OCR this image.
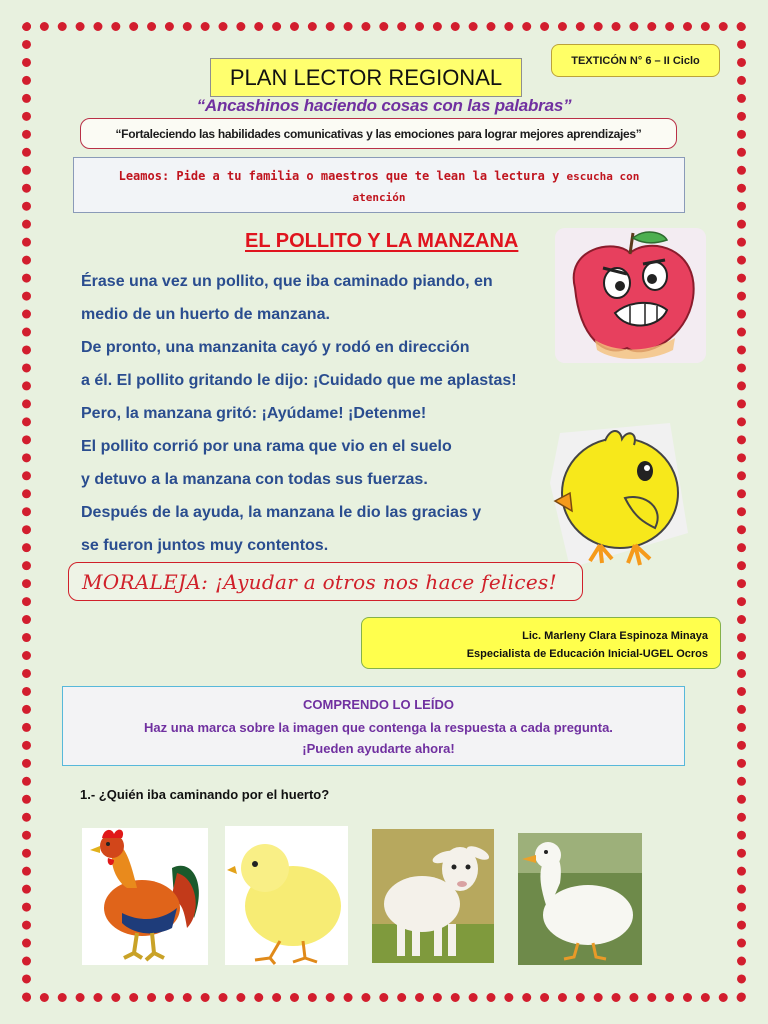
TEXTICÓN N° 6 – II Ciclo
PLAN LECTOR REGIONAL
“Ancashinos haciendo cosas con las palabras”
“Fortaleciendo las habilidades comunicativas y las emociones para lograr mejores aprendizajes”
Leamos: Pide a tu familia o maestros que te lean la lectura y escucha con
atención
EL POLLITO Y LA MANZANA
Érase una vez un pollito, que iba caminado piando, en
medio de un huerto de manzana.
De pronto, una manzanita cayó y rodó en dirección
a él. El pollito gritando le dijo: ¡Cuidado que me aplastas!
Pero, la manzana gritó: ¡Ayúdame! ¡Detenme!
El pollito corrió por una rama que vio en el suelo
y detuvo a la manzana con todas sus fuerzas.
Después de la ayuda, la manzana le dio las gracias y
se fueron juntos muy contentos.
MORALEJA: ¡Ayudar a otros nos hace felices!
Lic. Marleny Clara Espinoza Minaya
Especialista de Educación Inicial-UGEL Ocros
COMPRENDO LO LEÍDO
Haz una marca sobre la imagen que contenga la respuesta a cada pregunta.
¡Pueden ayudarte ahora!
1.- ¿Quién iba caminando por el huerto?
